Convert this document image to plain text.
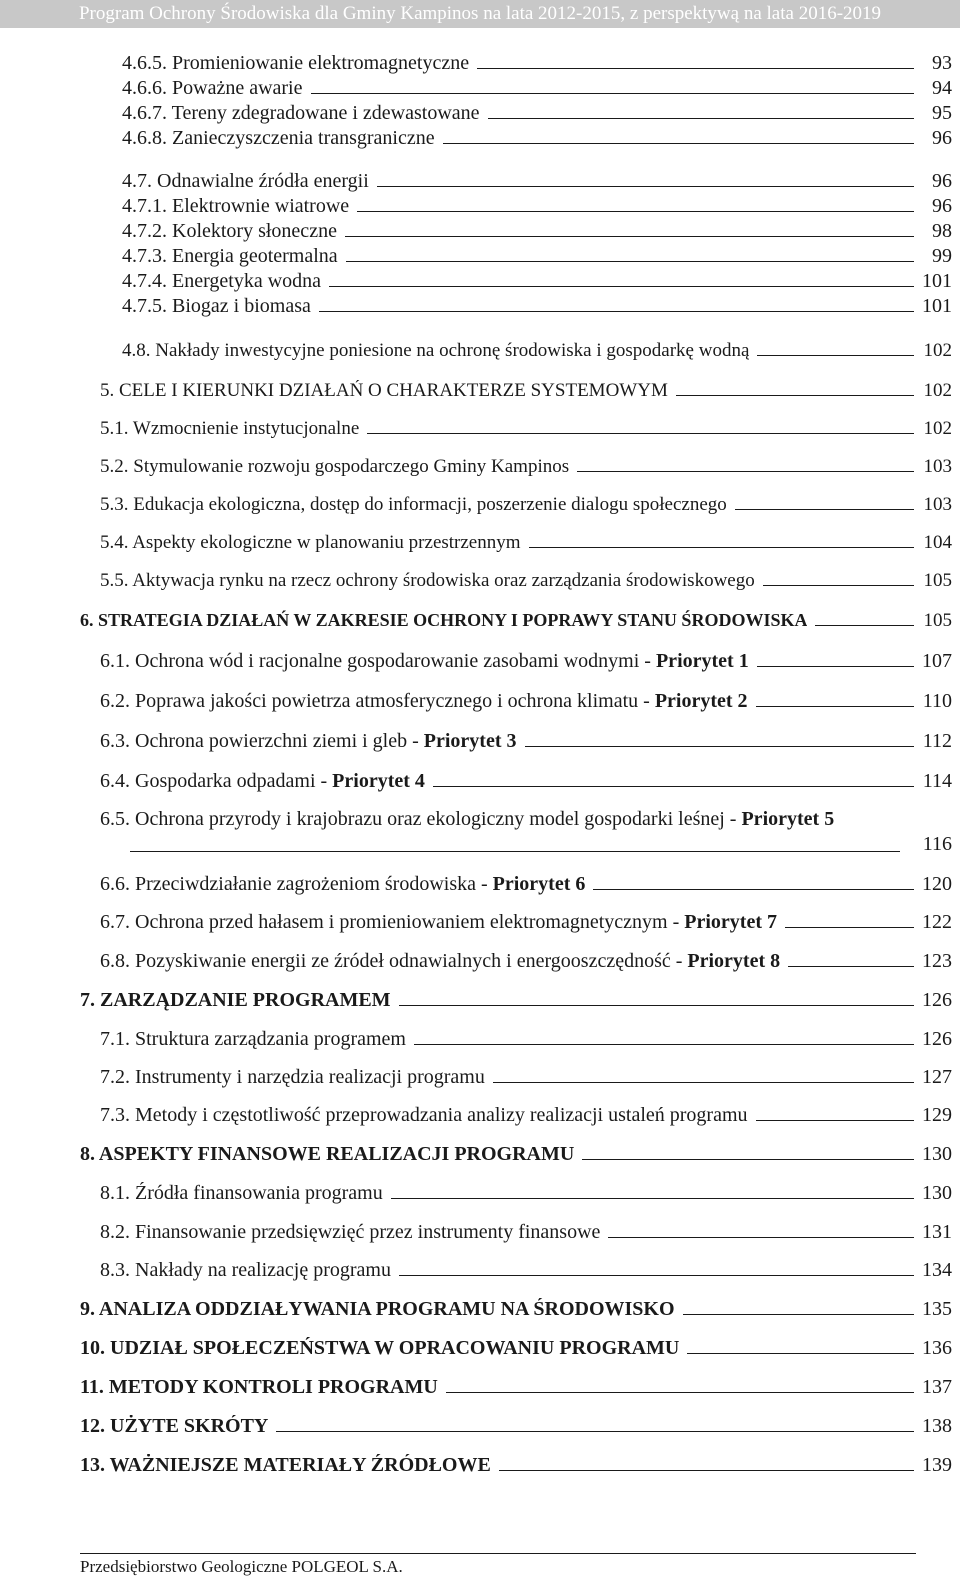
Program Ochrony Środowiska dla Gminy Kampinos na lata 2012-2015, z perspektywą na lata 2016-2019
4.6.5. Promieniowanie elektromagnetyczne	93
4.6.6. Poważne awarie	94
4.6.7. Tereny zdegradowane i zdewastowane	95
4.6.8. Zanieczyszczenia transgraniczne	96
4.7. Odnawialne źródła energii	96
4.7.1. Elektrownie wiatrowe	96
4.7.2. Kolektory słoneczne	98
4.7.3. Energia geotermalna	99
4.7.4. Energetyka wodna	101
4.7.5. Biogaz i biomasa	101
4.8. Nakłady inwestycyjne poniesione na ochronę środowiska i gospodarkę wodną	102
5. CELE I KIERUNKI DZIAŁAŃ O CHARAKTERZE SYSTEMOWYM	102
5.1. Wzmocnienie instytucjonalne	102
5.2. Stymulowanie rozwoju gospodarczego Gminy Kampinos	103
5.3. Edukacja ekologiczna, dostęp do informacji, poszerzenie dialogu społecznego	103
5.4. Aspekty ekologiczne w planowaniu przestrzennym	104
5.5. Aktywacja rynku na rzecz ochrony środowiska oraz zarządzania środowiskowego	105
6. STRATEGIA DZIAŁAŃ W ZAKRESIE OCHRONY I POPRAWY STANU ŚRODOWISKA	105
6.1. Ochrona wód i racjonalne gospodarowanie zasobami wodnymi - Priorytet 1	107
6.2. Poprawa jakości powietrza atmosferycznego i ochrona klimatu - Priorytet 2	110
6.3. Ochrona powierzchni ziemi i gleb - Priorytet 3	112
6.4. Gospodarka odpadami - Priorytet 4	114
6.5. Ochrona przyrody i krajobrazu oraz ekologiczny model gospodarki leśnej - Priorytet 5
116
6.6. Przeciwdziałanie zagrożeniom środowiska - Priorytet 6	120
6.7. Ochrona przed hałasem i promieniowaniem elektromagnetycznym - Priorytet 7	122
6.8. Pozyskiwanie energii ze źródeł odnawialnych i energooszczędność - Priorytet 8	123
7. ZARZĄDZANIE PROGRAMEM	126
7.1. Struktura zarządzania programem	126
7.2. Instrumenty i narzędzia realizacji programu	127
7.3. Metody i częstotliwość przeprowadzania analizy realizacji ustaleń programu	129
8. ASPEKTY FINANSOWE REALIZACJI PROGRAMU	130
8.1. Źródła finansowania programu	130
8.2. Finansowanie przedsięwzięć przez instrumenty finansowe	131
8.3. Nakłady na realizację programu	134
9. ANALIZA ODDZIAŁYWANIA PROGRAMU NA ŚRODOWISKO	135
10. UDZIAŁ SPOŁECZEŃSTWA W OPRACOWANIU PROGRAMU	136
11. METODY KONTROLI PROGRAMU	137
12. UŻYTE SKRÓTY	138
13. WAŻNIEJSZE MATERIAŁY ŹRÓDŁOWE	139
Przedsiębiorstwo Geologiczne POLGEOL S.A.
